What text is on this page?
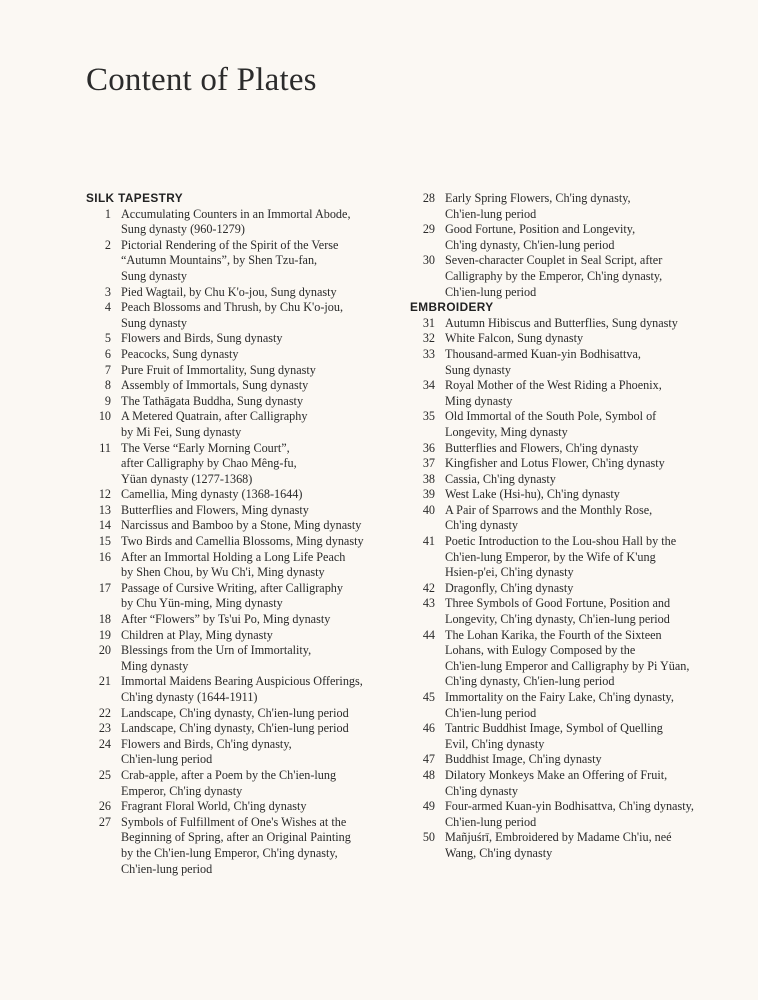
Content of Plates
SILK TAPESTRY
1 Accumulating Counters in an Immortal Abode,
Sung dynasty (960-1279)
2 Pictorial Rendering of the Spirit of the Verse
“Autumn Mountains”, by Shen Tzu-fan,
Sung dynasty
3 Pied Wagtail, by Chu K'o-jou, Sung dynasty
4 Peach Blossoms and Thrush, by Chu K'o-jou,
Sung dynasty
5 Flowers and Birds, Sung dynasty
6 Peacocks, Sung dynasty
7 Pure Fruit of Immortality, Sung dynasty
8 Assembly of Immortals, Sung dynasty
9 The Tathāgata Buddha, Sung dynasty
10 A Metered Quatrain, after Calligraphy
by Mi Fei, Sung dynasty
11 The Verse “Early Morning Court”,
after Calligraphy by Chao Mêng-fu,
Yüan dynasty (1277-1368)
12 Camellia, Ming dynasty (1368-1644)
13 Butterflies and Flowers, Ming dynasty
14 Narcissus and Bamboo by a Stone, Ming dynasty
15 Two Birds and Camellia Blossoms, Ming dynasty
16 After an Immortal Holding a Long Life Peach
by Shen Chou, by Wu Ch'i, Ming dynasty
17 Passage of Cursive Writing, after Calligraphy
by Chu Yün-ming, Ming dynasty
18 After “Flowers” by Ts'ui Po, Ming dynasty
19 Children at Play, Ming dynasty
20 Blessings from the Urn of Immortality,
Ming dynasty
21 Immortal Maidens Bearing Auspicious Offerings,
Ch'ing dynasty (1644-1911)
22 Landscape, Ch'ing dynasty, Ch'ien-lung period
23 Landscape, Ch'ing dynasty, Ch'ien-lung period
24 Flowers and Birds, Ch'ing dynasty,
Ch'ien-lung period
25 Crab-apple, after a Poem by the Ch'ien-lung
Emperor, Ch'ing dynasty
26 Fragrant Floral World, Ch'ing dynasty
27 Symbols of Fulfillment of One's Wishes at the
Beginning of Spring, after an Original Painting
by the Ch'ien-lung Emperor, Ch'ing dynasty,
Ch'ien-lung period
28 Early Spring Flowers, Ch'ing dynasty,
Ch'ien-lung period
29 Good Fortune, Position and Longevity,
Ch'ing dynasty, Ch'ien-lung period
30 Seven-character Couplet in Seal Script, after
Calligraphy by the Emperor, Ch'ing dynasty,
Ch'ien-lung period
EMBROIDERY
31 Autumn Hibiscus and Butterflies, Sung dynasty
32 White Falcon, Sung dynasty
33 Thousand-armed Kuan-yin Bodhisattva,
Sung dynasty
34 Royal Mother of the West Riding a Phoenix,
Ming dynasty
35 Old Immortal of the South Pole, Symbol of
Longevity, Ming dynasty
36 Butterflies and Flowers, Ch'ing dynasty
37 Kingfisher and Lotus Flower, Ch'ing dynasty
38 Cassia, Ch'ing dynasty
39 West Lake (Hsi-hu), Ch'ing dynasty
40 A Pair of Sparrows and the Monthly Rose,
Ch'ing dynasty
41 Poetic Introduction to the Lou-shou Hall by the
Ch'ien-lung Emperor, by the Wife of K'ung
Hsien-p'ei, Ch'ing dynasty
42 Dragonfly, Ch'ing dynasty
43 Three Symbols of Good Fortune, Position and
Longevity, Ch'ing dynasty, Ch'ien-lung period
44 The Lohan Karika, the Fourth of the Sixteen
Lohans, with Eulogy Composed by the
Ch'ien-lung Emperor and Calligraphy by Pi Yüan,
Ch'ing dynasty, Ch'ien-lung period
45 Immortality on the Fairy Lake, Ch'ing dynasty,
Ch'ien-lung period
46 Tantric Buddhist Image, Symbol of Quelling
Evil, Ch'ing dynasty
47 Buddhist Image, Ch'ing dynasty
48 Dilatory Monkeys Make an Offering of Fruit,
Ch'ing dynasty
49 Four-armed Kuan-yin Bodhisattva, Ch'ing dynasty,
Ch'ien-lung period
50 Mañjuśrī, Embroidered by Madame Ch'iu, neé
Wang, Ch'ing dynasty
